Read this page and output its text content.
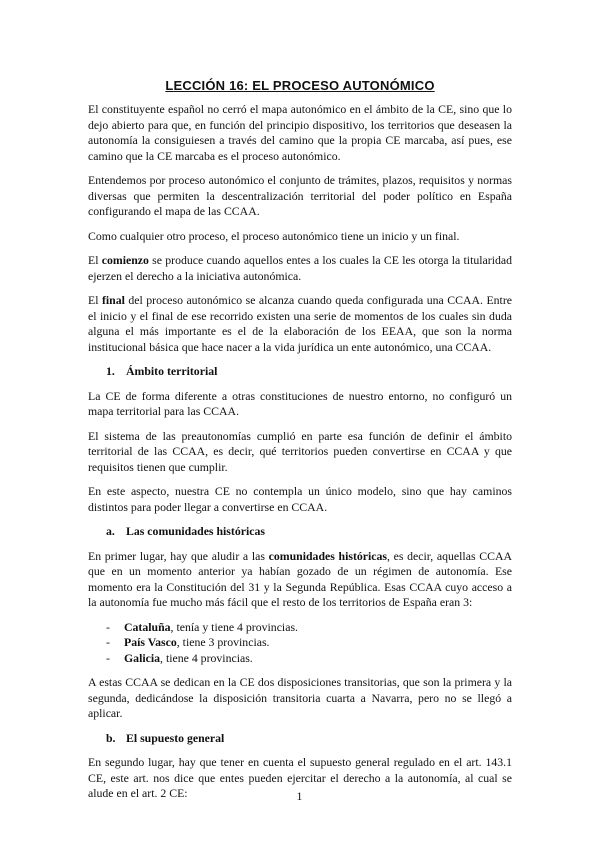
LECCIÓN 16: EL PROCESO AUTONÓMICO

El constituyente español no cerró el mapa autonómico en el ámbito de la CE, sino que lo dejo abierto para que, en función del principio dispositivo, los territorios que deseasen la autonomía la consiguiesen a través del camino que la propia CE marcaba, así pues, ese camino que la CE marcaba es el proceso autonómico.

Entendemos por proceso autonómico el conjunto de trámites, plazos, requisitos y normas diversas que permiten la descentralización territorial del poder político en España configurando el mapa de las CCAA.

Como cualquier otro proceso, el proceso autonómico tiene un inicio y un final.

El comienzo se produce cuando aquellos entes a los cuales la CE les otorga la titularidad ejerzen el derecho a la iniciativa autonómica.

El final del proceso autonómico se alcanza cuando queda configurada una CCAA. Entre el inicio y el final de ese recorrido existen una serie de momentos de los cuales sin duda alguna el más importante es el de la elaboración de los EEAA, que son la norma institucional básica que hace nacer a la vida jurídica un ente autonómico, una CCAA.

1. Ámbito territorial

La CE de forma diferente a otras constituciones de nuestro entorno, no configuró un mapa territorial para las CCAA.

El sistema de las preautonomías cumplió en parte esa función de definir el ámbito territorial de las CCAA, es decir, qué territorios pueden convertirse en CCAA y que requisitos tienen que cumplir.

En este aspecto, nuestra CE no contempla un único modelo, sino que hay caminos distintos para poder llegar a convertirse en CCAA.

a. Las comunidades históricas

En primer lugar, hay que aludir a las comunidades históricas, es decir, aquellas CCAA que en un momento anterior ya habían gozado de un régimen de autonomía. Ese momento era la Constitución del 31 y la Segunda República. Esas CCAA cuyo acceso a la autonomía fue mucho más fácil que el resto de los territorios de España eran 3:

- Cataluña, tenía y tiene 4 provincias.
- País Vasco, tiene 3 provincias.
- Galicia, tiene 4 provincias.

A estas CCAA se dedican en la CE dos disposiciones transitorias, que son la primera y la segunda, dedicándose la disposición transitoria cuarta a Navarra, pero no se llegó a aplicar.

b. El supuesto general

En segundo lugar, hay que tener en cuenta el supuesto general regulado en el art. 143.1 CE, este art. nos dice que entes pueden ejercitar el derecho a la autonomía, al cual se alude en el art. 2 CE:	1
